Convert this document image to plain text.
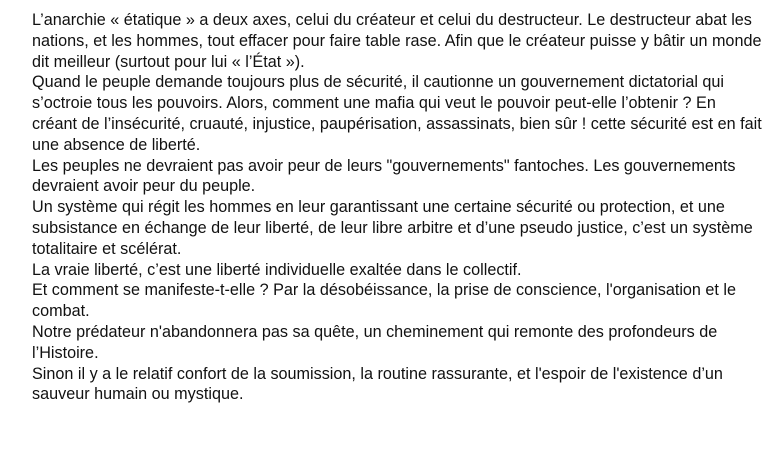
L’anarchie « étatique » a deux axes, celui du créateur et celui du destructeur. Le destructeur abat les nations, et les hommes, tout effacer pour faire table rase. Afin que le créateur puisse y bâtir un monde dit meilleur (surtout pour lui « l’État »).

Quand le peuple demande toujours plus de sécurité, il cautionne un gouvernement dictatorial qui s’octroie tous les pouvoirs. Alors, comment une mafia qui veut le pouvoir peut-elle l’obtenir ? En créant de l’insécurité, cruauté, injustice, paupérisation, assassinats, bien sûr ! cette sécurité est en fait une absence de liberté.

Les peuples ne devraient pas avoir peur de leurs "gouvernements" fantoches. Les gouvernements devraient avoir peur du peuple.

Un système qui régit les hommes en leur garantissant une certaine sécurité ou protection, et une subsistance en échange de leur liberté, de leur libre arbitre et d’une pseudo justice, c’est un système totalitaire et scélérat.

La vraie liberté, c’est une liberté individuelle exaltée dans le collectif.

Et comment se manifeste-t-elle ? Par la désobéissance, la prise de conscience, l'organisation et le combat.

Notre prédateur n'abandonnera pas sa quête, un cheminement qui remonte des profondeurs de l’Histoire.

Sinon il y a le relatif confort de la soumission, la routine rassurante, et l'espoir de l'existence d’un sauveur humain ou mystique.
